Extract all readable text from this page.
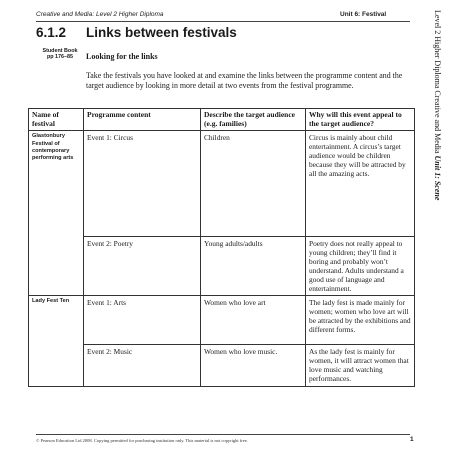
Creative and Media: Level 2 Higher Diploma	Unit 6: Festival
6.1.2 Links between festivals
Student Book
pp 176–85	Looking for the links
Take the festivals you have looked at and examine the links between the programme content and the target audience by looking in more detail at two events from the festival programme.	Level 2 Higher Diploma Creative and Media Unit 1: Scene
Name of festival	Programme content	Describe the target audience (e.g. families)	Why will this event appeal to the target audience?
Glastonbury Festival of contemporary performing arts	Event 1: Circus	Children	Circus is mainly about child entertainment. A circus’s target audience would be children because they will be attracted by all the amazing acts.
	Event 2: Poetry	Young adults/adults	Poetry does not really appeal to young children; they’ll find it boring and probably won’t understand. Adults understand a good use of language and entertainment.
Lady Fest Ten	Event 1: Arts	Women who love art	The lady fest is made mainly for women; women who love art will be attracted by the exhibitions and different forms.
	Event 2: Music	Women who love music.	As the lady fest is mainly for women, it will attract women that love music and watching performances.
© Pearson Education Ltd 2008. Copying permitted for purchasing institution only. This material is not copyright free.	1
